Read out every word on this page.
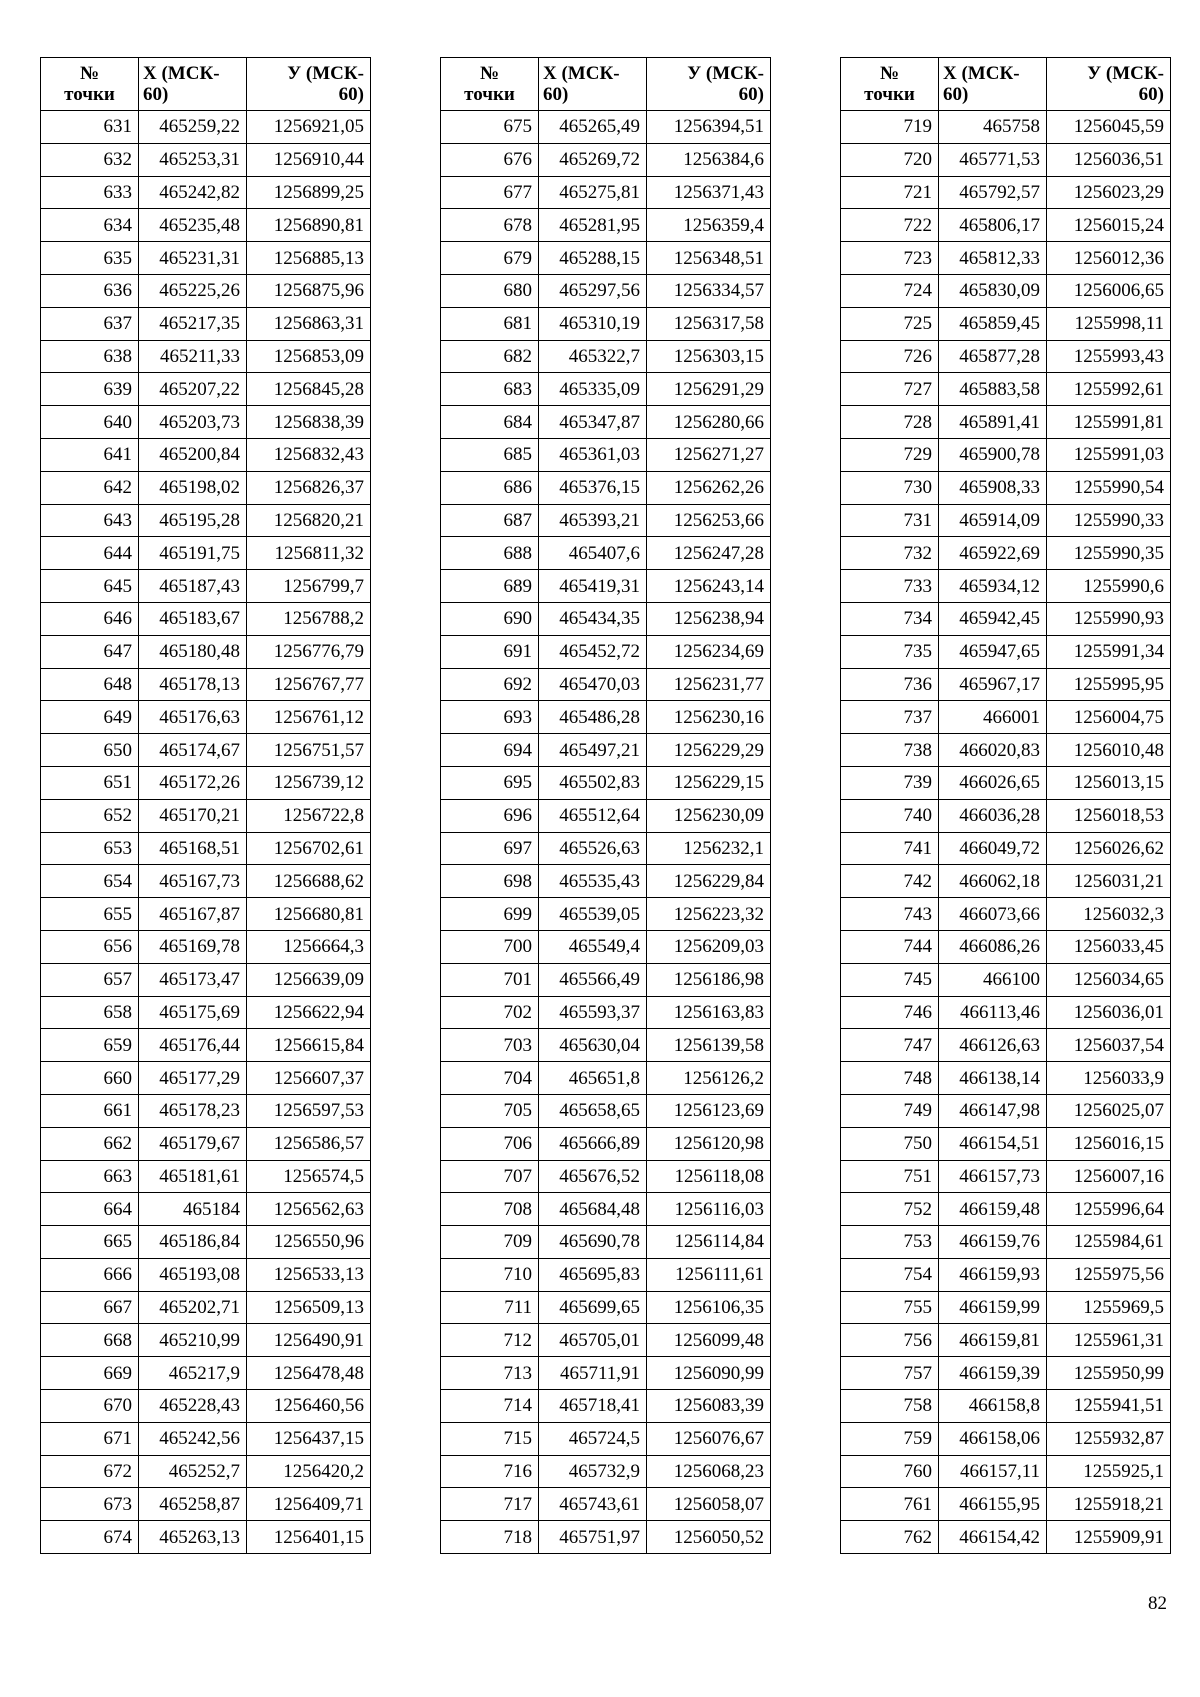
№
точки	X (МСК-
60)	У (МСК-
60)
631	465259,22	1256921,05
632	465253,31	1256910,44
633	465242,82	1256899,25
634	465235,48	1256890,81
635	465231,31	1256885,13
636	465225,26	1256875,96
637	465217,35	1256863,31
638	465211,33	1256853,09
639	465207,22	1256845,28
640	465203,73	1256838,39
641	465200,84	1256832,43
642	465198,02	1256826,37
643	465195,28	1256820,21
644	465191,75	1256811,32
645	465187,43	1256799,7
646	465183,67	1256788,2
647	465180,48	1256776,79
648	465178,13	1256767,77
649	465176,63	1256761,12
650	465174,67	1256751,57
651	465172,26	1256739,12
652	465170,21	1256722,8
653	465168,51	1256702,61
654	465167,73	1256688,62
655	465167,87	1256680,81
656	465169,78	1256664,3
657	465173,47	1256639,09
658	465175,69	1256622,94
659	465176,44	1256615,84
660	465177,29	1256607,37
661	465178,23	1256597,53
662	465179,67	1256586,57
663	465181,61	1256574,5
664	465184	1256562,63
665	465186,84	1256550,96
666	465193,08	1256533,13
667	465202,71	1256509,13
668	465210,99	1256490,91
669	465217,9	1256478,48
670	465228,43	1256460,56
671	465242,56	1256437,15
672	465252,7	1256420,2
673	465258,87	1256409,71
674	465263,13	1256401,15
№
точки	X (МСК-
60)	У (МСК-
60)
675	465265,49	1256394,51
676	465269,72	1256384,6
677	465275,81	1256371,43
678	465281,95	1256359,4
679	465288,15	1256348,51
680	465297,56	1256334,57
681	465310,19	1256317,58
682	465322,7	1256303,15
683	465335,09	1256291,29
684	465347,87	1256280,66
685	465361,03	1256271,27
686	465376,15	1256262,26
687	465393,21	1256253,66
688	465407,6	1256247,28
689	465419,31	1256243,14
690	465434,35	1256238,94
691	465452,72	1256234,69
692	465470,03	1256231,77
693	465486,28	1256230,16
694	465497,21	1256229,29
695	465502,83	1256229,15
696	465512,64	1256230,09
697	465526,63	1256232,1
698	465535,43	1256229,84
699	465539,05	1256223,32
700	465549,4	1256209,03
701	465566,49	1256186,98
702	465593,37	1256163,83
703	465630,04	1256139,58
704	465651,8	1256126,2
705	465658,65	1256123,69
706	465666,89	1256120,98
707	465676,52	1256118,08
708	465684,48	1256116,03
709	465690,78	1256114,84
710	465695,83	1256111,61
711	465699,65	1256106,35
712	465705,01	1256099,48
713	465711,91	1256090,99
714	465718,41	1256083,39
715	465724,5	1256076,67
716	465732,9	1256068,23
717	465743,61	1256058,07
718	465751,97	1256050,52
№
точки	X (МСК-
60)	У (МСК-
60)
719	465758	1256045,59
720	465771,53	1256036,51
721	465792,57	1256023,29
722	465806,17	1256015,24
723	465812,33	1256012,36
724	465830,09	1256006,65
725	465859,45	1255998,11
726	465877,28	1255993,43
727	465883,58	1255992,61
728	465891,41	1255991,81
729	465900,78	1255991,03
730	465908,33	1255990,54
731	465914,09	1255990,33
732	465922,69	1255990,35
733	465934,12	1255990,6
734	465942,45	1255990,93
735	465947,65	1255991,34
736	465967,17	1255995,95
737	466001	1256004,75
738	466020,83	1256010,48
739	466026,65	1256013,15
740	466036,28	1256018,53
741	466049,72	1256026,62
742	466062,18	1256031,21
743	466073,66	1256032,3
744	466086,26	1256033,45
745	466100	1256034,65
746	466113,46	1256036,01
747	466126,63	1256037,54
748	466138,14	1256033,9
749	466147,98	1256025,07
750	466154,51	1256016,15
751	466157,73	1256007,16
752	466159,48	1255996,64
753	466159,76	1255984,61
754	466159,93	1255975,56
755	466159,99	1255969,5
756	466159,81	1255961,31
757	466159,39	1255950,99
758	466158,8	1255941,51
759	466158,06	1255932,87
760	466157,11	1255925,1
761	466155,95	1255918,21
762	466154,42	1255909,91
82
